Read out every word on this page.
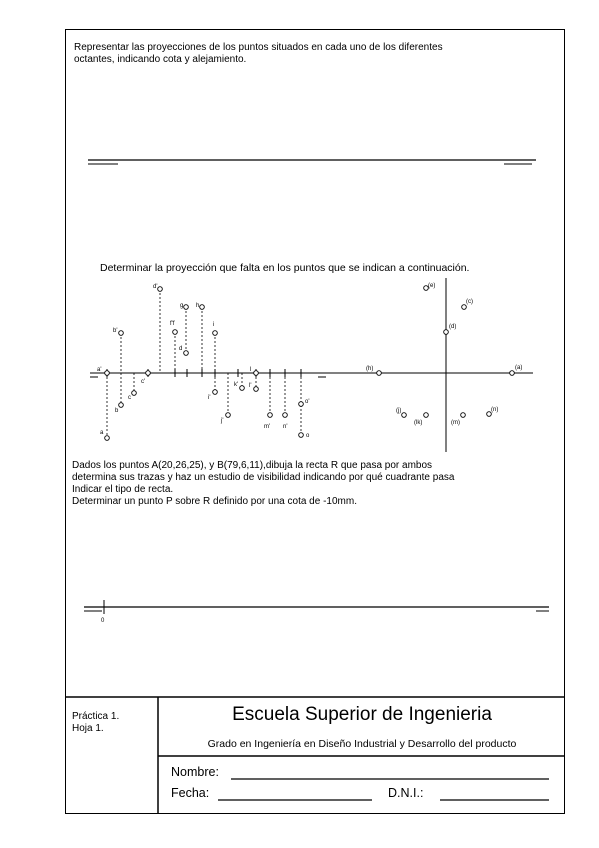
Representar las proyecciones de los puntos situados en cada uno de los diferentes
octantes, indicando cota y alejamiento.
Determinar la proyección que falta en los puntos que se indican a continuación.

Dados los puntos A(20,26,25), y B(79,6,11),dibuja la recta R que pasa por ambos

determina sus trazas y haz un estudio de visibilidad indicando por qué cuadrante pasa

Indicar el tipo de recta.

Determinar un punto P sobre R definido por una cota de -10mm.

a
a'
b'
b
c
c'
d'
f'f
g
d
h
i
i'
j'
k' l'
l
m' n'
o'
o
(e)
(c)
(d)
(h)	(a)
(j)
(lk)	(m)
(n)
0
Práctica 1.
Hoja 1.
Escuela Superior de Ingenieria
Grado en Ingeniería en Diseño Industrial y Desarrollo del producto
Nombre:
Fecha:	D.N.I.:
